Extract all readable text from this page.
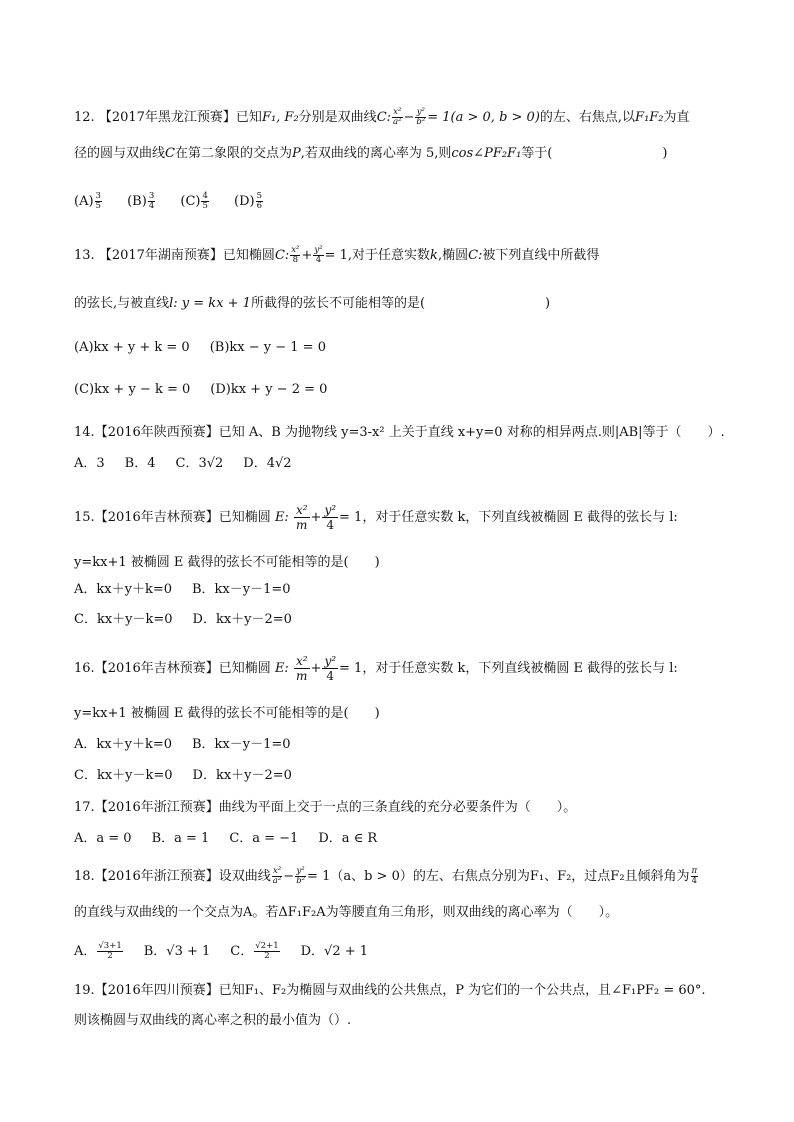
12. 【2017年黑龙江预赛】已知F₁, F₂分别是双曲线C: $\frac{\text{x²}}{\text{a²}} - \frac{\text{y²}}{\text{b²}} = 1(a > 0$, b > 0)的左、右焦点,以F₁F₂为直
径的圆与双曲线C在第二象限的交点为P,若双曲线的离心率为 5,则cos∠PF₂F₁等于(	)
$(A) \frac{3}{5} (B) \frac{3}{4} (C) \frac{4}{5} (D) \frac{5}{6}$
13. 【2017年湖南预赛】已知椭圆C: $\frac{\text{x²}}{8} + \frac{\text{y²}}{4} = 1$,对于任意实数k,椭圆C:被下列直线中所截得
的弦长,与被直线l: y = kx + 1所截得的弦长不可能相等的是(	)
(A)kx + y + k = 0 (B)kx − y − 1 = 0
(C)kx + y − k = 0 (D)kx + y − 2 = 0
14.【2016年陕西预赛】已知 A、B 为抛物线 y=3-x² 上关于直线 x+y=0 对称的相异两点.则|AB|等于（　　）.
A．3 B．4 C．3√2 D．4√2
15.【2016年吉林预赛】已知椭圆 E: $\frac{\text{x²}}{m} + \frac{\text{y²}}{4} = 1$，对于任意实数 k，下列直线被椭圆 E 截得的弦长与 l:
y=kx+1 被椭圆 E 截得的弦长不可能相等的是(　　)
A．kx＋y＋k=0 B．kx－y－1=0
C．kx＋y－k=0 D．kx＋y－2=0
16.【2016年吉林预赛】已知椭圆 E: $\frac{\text{x²}}{m} + \frac{\text{y²}}{4} = 1$，对于任意实数 k，下列直线被椭圆 E 截得的弦长与 l:
y=kx+1 被椭圆 E 截得的弦长不可能相等的是(　　)
A．kx＋y＋k=0 B．kx－y－1=0
C．kx＋y－k=0 D．kx＋y－2=0
17.【2016年浙江预赛】曲线为平面上交于一点的三条直线的充分必要条件为（　　）。
A．a = 0 B．a = 1 C．a = −1 D．a ∈ R
18.【2016年浙江预赛】设双曲线 $\frac{\text{x²}}{\text{a²}} - \frac{\text{y²}}{\text{b²}} = 1(a$、b > 0）的左、右焦点分别为F₁、F₂，过点F₂且倾斜角为 $\frac{\pi}{4}$
的直线与双曲线的一个交点为A。若ΔF₁F₂A为等腰直角三角形，则双曲线的离心率为（　　）。
A． $\frac{√3+1}{2}$ B．√3 + 1 C． $\frac{√2+1}{2}$ D．√2 + 1
19.【2016年四川预赛】已知F₁、F₂为椭圆与双曲线的公共焦点，P 为它们的一个公共点，且∠F₁PF₂ = 60°.
则该椭圆与双曲线的离心率之积的最小值为（）.
